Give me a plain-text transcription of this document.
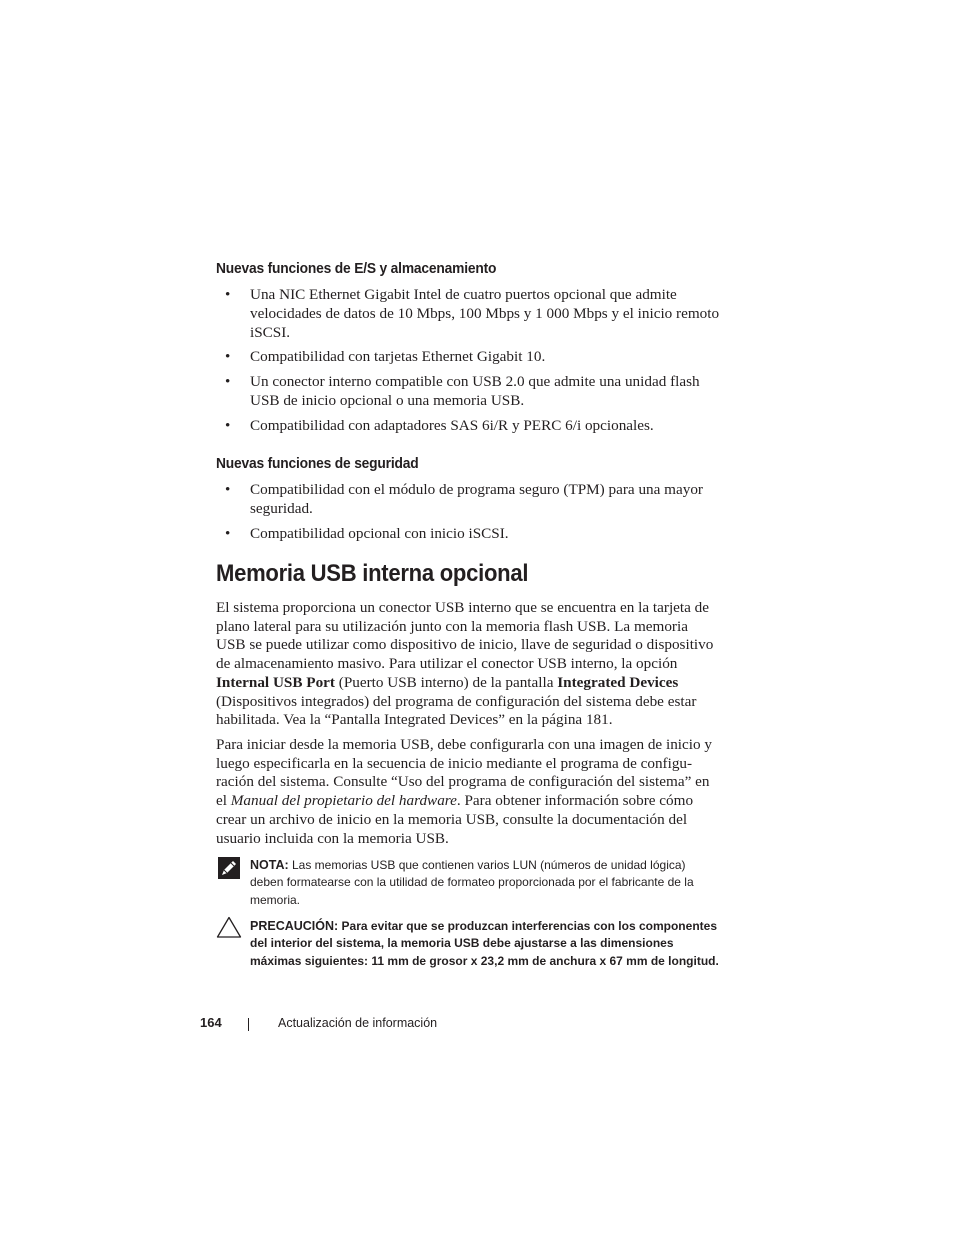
Nuevas funciones de E/S y almacenamiento
• Una NIC Ethernet Gigabit Intel de cuatro puertos opcional que admite velocidades de datos de 10 Mbps, 100 Mbps y 1 000 Mbps y el inicio remoto iSCSI.
• Compatibilidad con tarjetas Ethernet Gigabit 10.
• Un conector interno compatible con USB 2.0 que admite una unidad flash USB de inicio opcional o una memoria USB.
• Compatibilidad con adaptadores SAS 6i/R y PERC 6/i opcionales.
Nuevas funciones de seguridad
• Compatibilidad con el módulo de programa seguro (TPM) para una mayor seguridad.
• Compatibilidad opcional con inicio iSCSI.
Memoria USB interna opcional

El sistema proporciona un conector USB interno que se encuentra en la tarjeta de plano lateral para su utilización junto con la memoria flash USB. La memoria USB se puede utilizar como dispositivo de inicio, llave de seguridad o dispositivo de almacenamiento masivo. Para utilizar el conector USB interno, la opción Internal USB Port (Puerto USB interno) de la pantalla Integrated Devices (Dispositivos integrados) del programa de configuración del sistema debe estar habilitada. Vea la “Pantalla Integrated Devices” en la página 181.

Para iniciar desde la memoria USB, debe configurarla con una imagen de inicio y luego especificarla en la secuencia de inicio mediante el programa de configu-ración del sistema. Consulte “Uso del programa de configuración del sistema” en el Manual del propietario del hardware. Para obtener información sobre cómo crear un archivo de inicio en la memoria USB, consulte la documentación del usuario incluida con la memoria USB.

NOTA: Las memorias USB que contienen varios LUN (números de unidad lógica) deben formatearse con la utilidad de formateo proporcionada por el fabricante de la memoria.

PRECAUCIÓN: Para evitar que se produzcan interferencias con los componentes del interior del sistema, la memoria USB debe ajustarse a las dimensiones máximas siguientes: 11 mm de grosor x 23,2 mm de anchura x 67 mm de longitud.

164	Actualización de información
